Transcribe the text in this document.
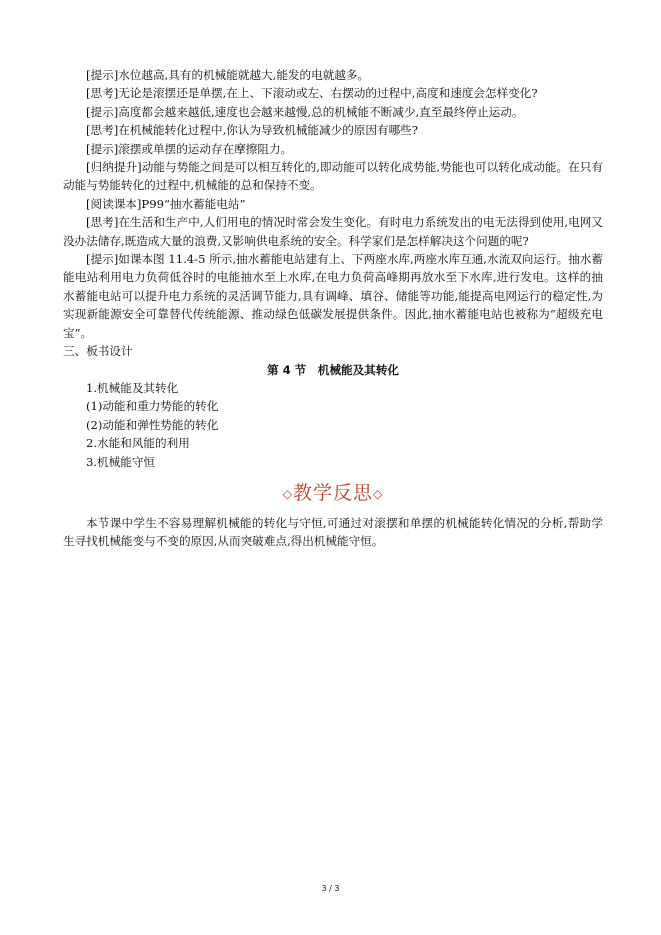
[提示]水位越高,具有的机械能就越大,能发的电就越多。

[思考]无论是滚摆还是单摆,在上、下滚动或左、右摆动的过程中,高度和速度会怎样变化?

[提示]高度都会越来越低,速度也会越来越慢,总的机械能不断减少,直至最终停止运动。

[思考]在机械能转化过程中,你认为导致机械能减少的原因有哪些?

[提示]滚摆或单摆的运动存在摩擦阻力。

[归纳提升]动能与势能之间是可以相互转化的,即动能可以转化成势能,势能也可以转化成动能。在只有动能与势能转化的过程中,机械能的总和保持不变。

[阅读课本]P99“抽水蓄能电站”

[思考]在生活和生产中,人们用电的情况时常会发生变化。有时电力系统发出的电无法得到使用,电网又没办法储存,既造成大量的浪费,又影响供电系统的安全。科学家们是怎样解决这个问题的呢?

[提示]如课本图 11.4-5 所示,抽水蓄能电站建有上、下两座水库,两座水库互通,水流双向运行。抽水蓄能电站利用电力负荷低谷时的电能抽水至上水库,在电力负荷高峰期再放水至下水库,进行发电。这样的抽水蓄能电站可以提升电力系统的灵活调节能力,具有调峰、填谷、储能等功能,能提高电网运行的稳定性,为实现新能源安全可靠替代传统能源、推动绿色低碳发展提供条件。因此,抽水蓄能电站也被称为“超级充电宝”。

三、板书设计

第 4 节　机械能及其转化

1.机械能及其转化

(1)动能和重力势能的转化

(2)动能和弹性势能的转化

2.水能和风能的利用

3.机械能守恒

◇教学反思◇

本节课中学生不容易理解机械能的转化与守恒,可通过对滚摆和单摆的机械能转化情况的分析,帮助学生寻找机械能变与不变的原因,从而突破难点,得出机械能守恒。

3 / 3
